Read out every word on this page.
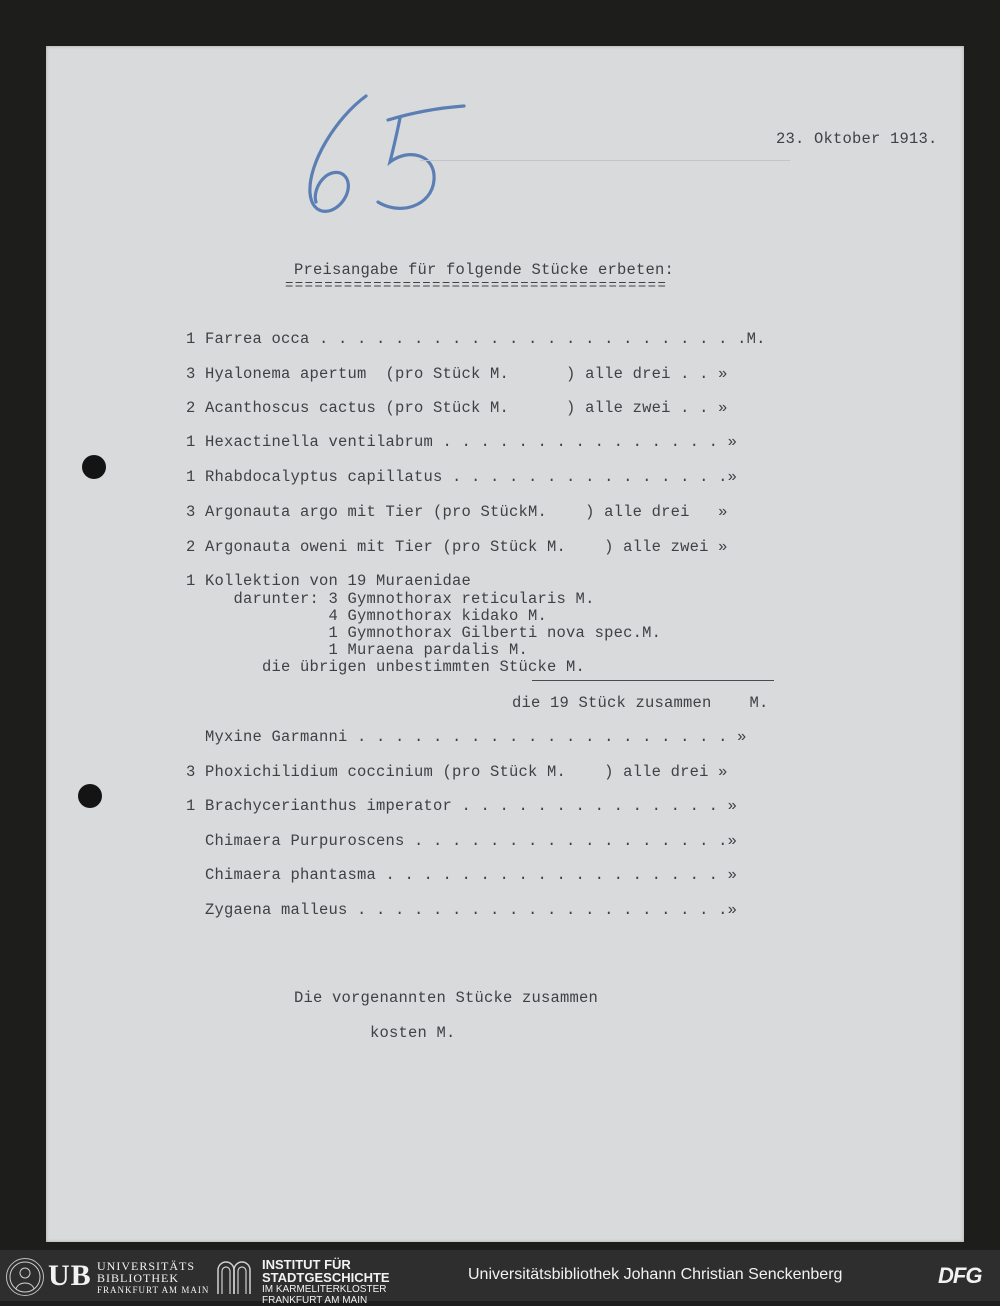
65
23. Oktober 1913.
Preisangabe für folgende Stücke erbeten:
=======================================
1 Farrea occa . . . . . . . . . . . . . . . . . . . . . . .M.
3 Hyalonema apertum  (pro Stück M.      ) alle drei . . »
2 Acanthoscus cactus (pro Stück M.      ) alle zwei . . »
1 Hexactinella ventilabrum . . . . . . . . . . . . . . . »
1 Rhabdocalyptus capillatus . . . . . . . . . . . . . . .»
3 Argonauta argo mit Tier (pro StückM.    ) alle drei   »
2 Argonauta oweni mit Tier (pro Stück M.    ) alle zwei »
1 Kollektion von 19 Muraenidae
darunter: 3 Gymnothorax reticularis M.
4 Gymnothorax kidako M.
1 Gymnothorax Gilberti nova spec.M.
1 Muraena pardalis M.
die übrigen unbestimmten Stücke M.
die 19 Stück zusammen    M.
Myxine Garmanni . . . . . . . . . . . . . . . . . . . . »
3 Phoxichilidium coccinium (pro Stück M.    ) alle drei »
1 Brachycerianthus imperator . . . . . . . . . . . . . . »
Chimaera Purpuroscens . . . . . . . . . . . . . . . . .»
Chimaera phantasma . . . . . . . . . . . . . . . . . . »
Zygaena malleus . . . . . . . . . . . . . . . . . . . .»
Die vorgenannten Stücke zusammen
kosten M.
UB UNIVERSITÄTS
BIBLIOTHEK
FRANKFURT AM MAIN
INSTITUT FÜR
STADTGESCHICHTE
IM KARMELITERKLOSTER
FRANKFURT AM MAIN
Universitätsbibliothek Johann Christian Senckenberg	DFG
